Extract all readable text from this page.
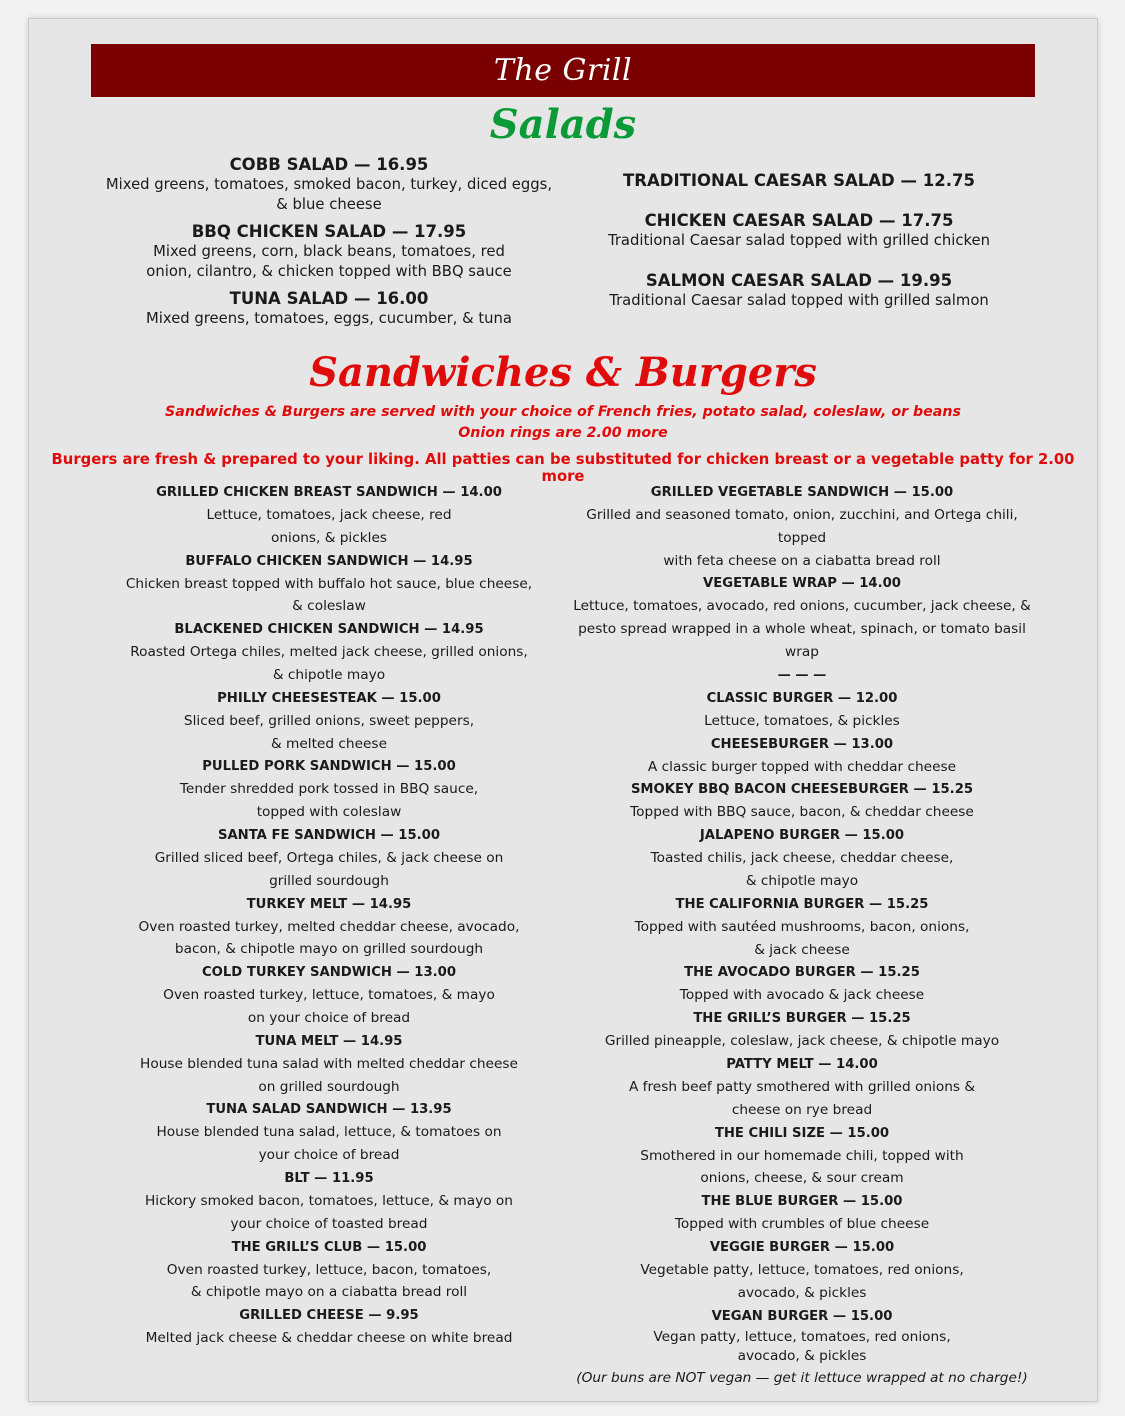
The Grill
Salads
COBB SALAD — 16.95
Mixed greens, tomatoes, smoked bacon, turkey, diced eggs,
& blue cheese
BBQ CHICKEN SALAD — 17.95
Mixed greens, corn, black beans, tomatoes, red
onion, cilantro, & chicken topped with BBQ sauce
TUNA SALAD — 16.00
Mixed greens, tomatoes, eggs, cucumber, & tuna
TRADITIONAL CAESAR SALAD — 12.75
CHICKEN CAESAR SALAD — 17.75
Traditional Caesar salad topped with grilled chicken
SALMON CAESAR SALAD — 19.95
Traditional Caesar salad topped with grilled salmon
Sandwiches & Burgers
Sandwiches & Burgers are served with your choice of French fries, potato salad, coleslaw, or beans
Onion rings are 2.00 more
Burgers are fresh & prepared to your liking. All patties can be substituted for chicken breast or a vegetable patty for 2.00 more
GRILLED CHICKEN BREAST SANDWICH — 14.00
Lettuce, tomatoes, jack cheese, red
onions, & pickles
BUFFALO CHICKEN SANDWICH — 14.95
Chicken breast topped with buffalo hot sauce, blue cheese,
& coleslaw
BLACKENED CHICKEN SANDWICH — 14.95
Roasted Ortega chiles, melted jack cheese, grilled onions,
& chipotle mayo
PHILLY CHEESESTEAK — 15.00
Sliced beef, grilled onions, sweet peppers,
& melted cheese
PULLED PORK SANDWICH — 15.00
Tender shredded pork tossed in BBQ sauce,
topped with coleslaw
SANTA FE SANDWICH — 15.00
Grilled sliced beef, Ortega chiles, & jack cheese on
grilled sourdough
TURKEY MELT — 14.95
Oven roasted turkey, melted cheddar cheese, avocado,
bacon, & chipotle mayo on grilled sourdough
COLD TURKEY SANDWICH — 13.00
Oven roasted turkey, lettuce, tomatoes, & mayo
on your choice of bread
TUNA MELT — 14.95
House blended tuna salad with melted cheddar cheese
on grilled sourdough
TUNA SALAD SANDWICH — 13.95
House blended tuna salad, lettuce, & tomatoes on
your choice of bread
BLT — 11.95
Hickory smoked bacon, tomatoes, lettuce, & mayo on
your choice of toasted bread
THE GRILL’S CLUB — 15.00
Oven roasted turkey, lettuce, bacon, tomatoes,
& chipotle mayo on a ciabatta bread roll
GRILLED CHEESE — 9.95
Melted jack cheese & cheddar cheese on white bread
GRILLED VEGETABLE SANDWICH — 15.00
Grilled and seasoned tomato, onion, zucchini, and Ortega chili, topped
with feta cheese on a ciabatta bread roll
VEGETABLE WRAP — 14.00
Lettuce, tomatoes, avocado, red onions, cucumber, jack cheese, &
pesto spread wrapped in a whole wheat, spinach, or tomato basil wrap
— — —
CLASSIC BURGER — 12.00
Lettuce, tomatoes, & pickles
CHEESEBURGER — 13.00
A classic burger topped with cheddar cheese
SMOKEY BBQ BACON CHEESEBURGER — 15.25
Topped with BBQ sauce, bacon, & cheddar cheese
JALAPENO BURGER — 15.00
Toasted chilis, jack cheese, cheddar cheese,
& chipotle mayo
THE CALIFORNIA BURGER — 15.25
Topped with sautéed mushrooms, bacon, onions,
& jack cheese
THE AVOCADO BURGER — 15.25
Topped with avocado & jack cheese
THE GRILL’S BURGER — 15.25
Grilled pineapple, coleslaw, jack cheese, & chipotle mayo
PATTY MELT — 14.00
A fresh beef patty smothered with grilled onions &
cheese on rye bread
THE CHILI SIZE — 15.00
Smothered in our homemade chili, topped with
onions, cheese, & sour cream
THE BLUE BURGER — 15.00
Topped with crumbles of blue cheese
VEGGIE BURGER — 15.00
Vegetable patty, lettuce, tomatoes, red onions,
avocado, & pickles
VEGAN BURGER — 15.00
Vegan patty, lettuce, tomatoes, red onions,
avocado, & pickles
(Our buns are NOT vegan — get it lettuce wrapped at no charge!)
